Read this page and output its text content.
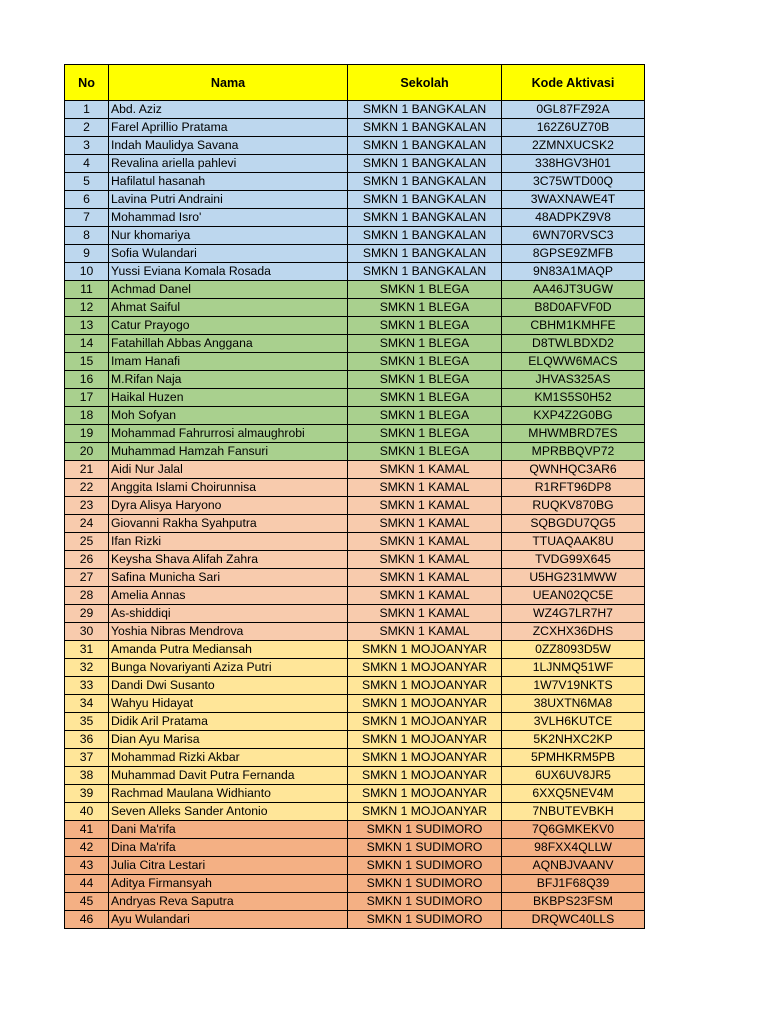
No	Nama	Sekolah	Kode Aktivasi
1	Abd. Aziz	SMKN 1 BANGKALAN	0GL87FZ92A
2	Farel Aprillio Pratama	SMKN 1 BANGKALAN	162Z6UZ70B
3	Indah Maulidya Savana	SMKN 1 BANGKALAN	2ZMNXUCSK2
4	Revalina ariella pahlevi	SMKN 1 BANGKALAN	338HGV3H01
5	Hafilatul hasanah	SMKN 1 BANGKALAN	3C75WTD00Q
6	Lavina Putri Andraini	SMKN 1 BANGKALAN	3WAXNAWE4T
7	Mohammad Isro'	SMKN 1 BANGKALAN	48ADPKZ9V8
8	Nur khomariya	SMKN 1 BANGKALAN	6WN70RVSC3
9	Sofia Wulandari	SMKN 1 BANGKALAN	8GPSE9ZMFB
10	Yussi Eviana Komala Rosada	SMKN 1 BANGKALAN	9N83A1MAQP
11	Achmad Danel	SMKN 1 BLEGA	AA46JT3UGW
12	Ahmat Saiful	SMKN 1 BLEGA	B8D0AFVF0D
13	Catur Prayogo	SMKN 1 BLEGA	CBHM1KMHFE
14	Fatahillah Abbas Anggana	SMKN 1 BLEGA	D8TWLBDXD2
15	Imam Hanafi	SMKN 1 BLEGA	ELQWW6MACS
16	M.Rifan Naja	SMKN 1 BLEGA	JHVAS325AS
17	Haikal Huzen	SMKN 1 BLEGA	KM1S5S0H52
18	Moh Sofyan	SMKN 1 BLEGA	KXP4Z2G0BG
19	Mohammad Fahrurrosi almaughrobi	SMKN 1 BLEGA	MHWMBRD7ES
20	Muhammad Hamzah Fansuri	SMKN 1 BLEGA	MPRBBQVP72
21	Aidi Nur Jalal	SMKN 1 KAMAL	QWNHQC3AR6
22	Anggita Islami Choirunnisa	SMKN 1 KAMAL	R1RFT96DP8
23	Dyra Alisya Haryono	SMKN 1 KAMAL	RUQKV870BG
24	Giovanni Rakha Syahputra	SMKN 1 KAMAL	SQBGDU7QG5
25	Ifan Rizki	SMKN 1 KAMAL	TTUAQAAK8U
26	Keysha Shava Alifah Zahra	SMKN 1 KAMAL	TVDG99X645
27	Safina Municha Sari	SMKN 1 KAMAL	U5HG231MWW
28	Amelia Annas	SMKN 1 KAMAL	UEAN02QC5E
29	As-shiddiqi	SMKN 1 KAMAL	WZ4G7LR7H7
30	Yoshia Nibras Mendrova	SMKN 1 KAMAL	ZCXHX36DHS
31	Amanda Putra Mediansah	SMKN 1 MOJOANYAR	0ZZ8093D5W
32	Bunga Novariyanti Aziza Putri	SMKN 1 MOJOANYAR	1LJNMQ51WF
33	Dandi Dwi Susanto	SMKN 1 MOJOANYAR	1W7V19NKTS
34	Wahyu Hidayat	SMKN 1 MOJOANYAR	38UXTN6MA8
35	Didik Aril Pratama	SMKN 1 MOJOANYAR	3VLH6KUTCE
36	Dian Ayu Marisa	SMKN 1 MOJOANYAR	5K2NHXC2KP
37	Mohammad Rizki Akbar	SMKN 1 MOJOANYAR	5PMHKRM5PB
38	Muhammad Davit Putra Fernanda	SMKN 1 MOJOANYAR	6UX6UV8JR5
39	Rachmad Maulana Widhianto	SMKN 1 MOJOANYAR	6XXQ5NEV4M
40	Seven Alleks Sander Antonio	SMKN 1 MOJOANYAR	7NBUTEVBKH
41	Dani Ma'rifa	SMKN 1 SUDIMORO	7Q6GMKEKV0
42	Dina Ma'rifa	SMKN 1 SUDIMORO	98FXX4QLLW
43	Julia Citra Lestari	SMKN 1 SUDIMORO	AQNBJVAANV
44	Aditya Firmansyah	SMKN 1 SUDIMORO	BFJ1F68Q39
45	Andryas Reva Saputra	SMKN 1 SUDIMORO	BKBPS23FSM
46	Ayu Wulandari	SMKN 1 SUDIMORO	DRQWC40LLS
